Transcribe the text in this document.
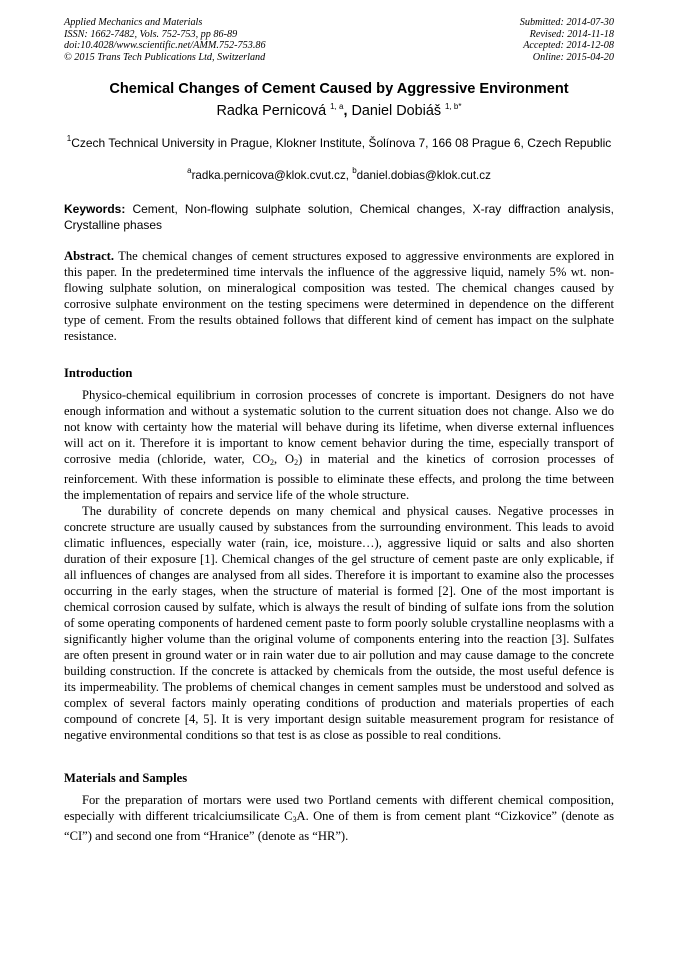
Applied Mechanics and Materials
ISSN: 1662-7482, Vols. 752-753, pp 86-89
doi:10.4028/www.scientific.net/AMM.752-753.86
© 2015 Trans Tech Publications Ltd, Switzerland
Submitted: 2014-07-30
Revised: 2014-11-18
Accepted: 2014-12-08
Online: 2015-04-20
Chemical Changes of Cement Caused by Aggressive Environment
Radka Pernicová $^{1, a}$, Daniel Dobiáš $^{1, b*}$
$^1$Czech Technical University in Prague, Klokner Institute, Šolínova 7, 166 08 Prague 6, Czech Republic
$^a$radka.pernicova@klok.cvut.cz, $^b$daniel.dobias@klok.cut.cz
Keywords: Cement, Non-flowing sulphate solution, Chemical changes, X-ray diffraction analysis, Crystalline phases
Abstract. The chemical changes of cement structures exposed to aggressive environments are explored in this paper. In the predetermined time intervals the influence of the aggressive liquid, namely 5% wt. non-flowing sulphate solution, on mineralogical composition was tested. The chemical changes caused by corrosive sulphate environment on the testing specimens were determined in dependence on the different type of cement. From the results obtained follows that different kind of cement has impact on the sulphate resistance.
Introduction

Physico-chemical equilibrium in corrosion processes of concrete is important. Designers do not have enough information and without a systematic solution to the current situation does not change. Also we do not know with certainty how the material will behave during its lifetime, when diverse external influences will act on it. Therefore it is important to know cement behavior during the time, especially transport of corrosive media (chloride, water, $CO_2$, $O_2$) in material and the kinetics of corrosion processes of reinforcement. With these information is possible to eliminate these effects, and prolong the time between the implementation of repairs and service life of the whole structure.

The durability of concrete depends on many chemical and physical causes. Negative processes in concrete structure are usually caused by substances from the surrounding environment. This leads to avoid climatic influences, especially water (rain, ice, moisture…), aggressive liquid or salts and also shorten duration of their exposure [1]. Chemical changes of the gel structure of cement paste are only explicable, if all influences of changes are analysed from all sides. Therefore it is important to examine also the processes occurring in the early stages, when the structure of material is formed [2]. One of the most important is chemical corrosion caused by sulfate, which is always the result of binding of sulfate ions from the solution of some operating components of hardened cement paste to form poorly soluble crystalline neoplasms with a significantly higher volume than the original volume of components entering into the reaction [3]. Sulfates are often present in ground water or in rain water due to air pollution and may cause damage to the concrete building construction. If the concrete is attacked by chemicals from the outside, the most useful defence is its impermeability. The problems of chemical changes in cement samples must be understood and solved as complex of several factors mainly operating conditions of production and materials properties of each compound of concrete [4, 5]. It is very important design suitable measurement program for resistance of negative environmental conditions so that test is as close as possible to real conditions.

Materials and Samples

For the preparation of mortars were used two Portland cements with different chemical composition, especially with different tricalciumsilicate $C_3A$. One of them is from cement plant “Cizkovice” (denote as “CI”) and second one from “Hranice” (denote as “HR”).
